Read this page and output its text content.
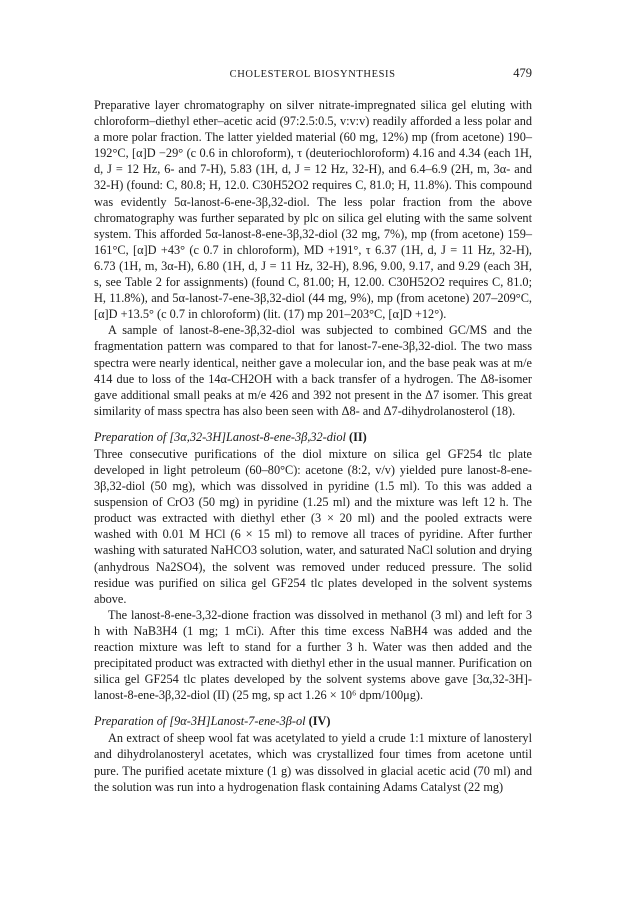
CHOLESTEROL BIOSYNTHESIS	479

Preparative layer chromatography on silver nitrate-impregnated silica gel eluting with chloroform–diethyl ether–acetic acid (97:2.5:0.5, v:v:v) readily afforded a less polar and a more polar fraction. The latter yielded material (60 mg, 12%) mp (from acetone) 190–192°C, [α]D −29° (c 0.6 in chloroform), τ (deuteriochloroform) 4.16 and 4.34 (each 1H, d, J = 12 Hz, 6- and 7-H), 5.83 (1H, d, J = 12 Hz, 32-H), and 6.4–6.9 (2H, m, 3α- and 32-H) (found: C, 80.8; H, 12.0. C30H52O2 requires C, 81.0; H, 11.8%). This compound was evidently 5α-lanost-6-ene-3β,32-diol. The less polar fraction from the above chromatography was further separated by plc on silica gel eluting with the same solvent system. This afforded 5α-lanost-8-ene-3β,32-diol (32 mg, 7%), mp (from acetone) 159–161°C, [α]D +43° (c 0.7 in chloroform), MD +191°, τ 6.37 (1H, d, J = 11 Hz, 32-H), 6.73 (1H, m, 3α-H), 6.80 (1H, d, J = 11 Hz, 32-H), 8.96, 9.00, 9.17, and 9.29 (each 3H, s, see Table 2 for assignments) (found C, 81.00; H, 12.00. C30H52O2 requires C, 81.0; H, 11.8%), and 5α-lanost-7-ene-3β,32-diol (44 mg, 9%), mp (from acetone) 207–209°C, [α]D +13.5° (c 0.7 in chloroform) (lit. (17) mp 201–203°C, [α]D +12°).

A sample of lanost-8-ene-3β,32-diol was subjected to combined GC/MS and the fragmentation pattern was compared to that for lanost-7-ene-3β,32-diol. The two mass spectra were nearly identical, neither gave a molecular ion, and the base peak was at m/e 414 due to loss of the 14α-CH2OH with a back transfer of a hydrogen. The Δ8-isomer gave additional small peaks at m/e 426 and 392 not present in the Δ7 isomer. This great similarity of mass spectra has also been seen with Δ8- and Δ7-dihydrolanosterol (18).

Preparation of [3α,32-3H]Lanost-8-ene-3β,32-diol (II)

Three consecutive purifications of the diol mixture on silica gel GF254 tlc plate developed in light petroleum (60–80°C): acetone (8:2, v/v) yielded pure lanost-8-ene-3β,32-diol (50 mg), which was dissolved in pyridine (1.5 ml). To this was added a suspension of CrO3 (50 mg) in pyridine (1.25 ml) and the mixture was left 12 h. The product was extracted with diethyl ether (3 × 20 ml) and the pooled extracts were washed with 0.01 M HCl (6 × 15 ml) to remove all traces of pyridine. After further washing with saturated NaHCO3 solution, water, and saturated NaCl solution and drying (anhydrous Na2SO4), the solvent was removed under reduced pressure. The solid residue was purified on silica gel GF254 tlc plates developed in the solvent systems above.

The lanost-8-ene-3,32-dione fraction was dissolved in methanol (3 ml) and left for 3 h with NaB3H4 (1 mg; 1 mCi). After this time excess NaBH4 was added and the reaction mixture was left to stand for a further 3 h. Water was then added and the precipitated product was extracted with diethyl ether in the usual manner. Purification on silica gel GF254 tlc plates developed by the solvent systems above gave [3α,32-3H]-lanost-8-ene-3β,32-diol (II) (25 mg, sp act 1.26 × 10⁶ dpm/100μg).

Preparation of [9α-3H]Lanost-7-ene-3β-ol (IV)

An extract of sheep wool fat was acetylated to yield a crude 1:1 mixture of lanosteryl and dihydrolanosteryl acetates, which was crystallized four times from acetone until pure. The purified acetate mixture (1 g) was dissolved in glacial acetic acid (70 ml) and the solution was run into a hydrogenation flask containing Adams Catalyst (22 mg)
